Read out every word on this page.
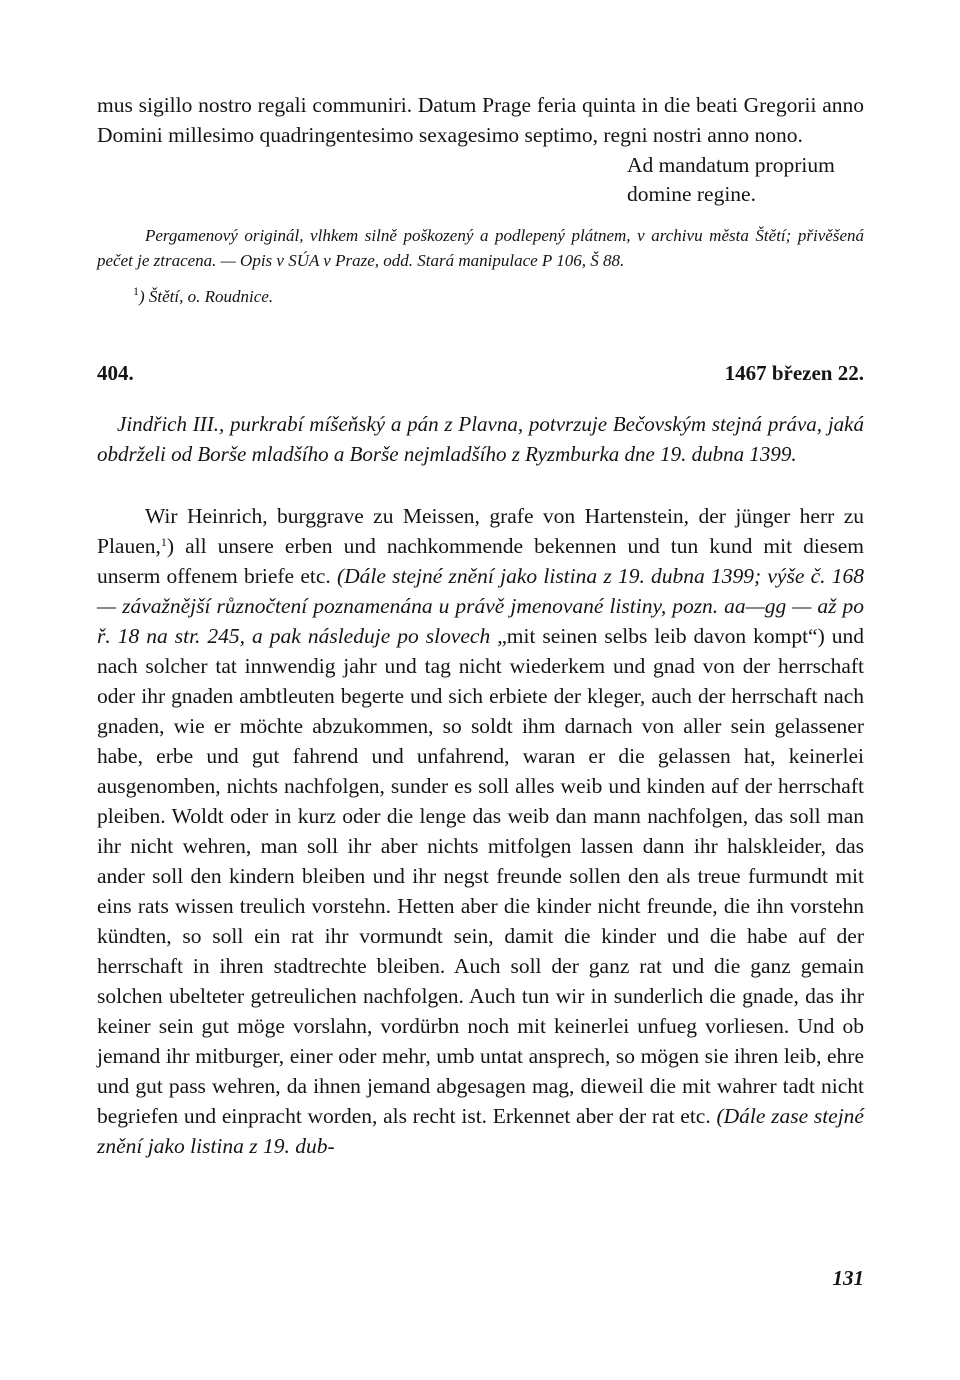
mus sigillo nostro regali communiri. Datum Prage feria quinta in die beati Gregorii anno Domini millesimo quadringentesimo sexagesimo septimo, regni nostri anno nono.

Ad mandatum proprium
domine regine.

Pergamenový originál, vlhkem silně poškozený a podlepený plátnem, v archivu města Štětí; přivěšená pečet je ztracena. — Opis v SÚA v Praze, odd. Stará manipulace P 106, Š 88.

$^1$) Štětí, o. Roudnice.
404.	1467 březen 22.

Jindřich III., purkrabí míšeňský a pán z Plavna, potvrzuje Bečovským stejná práva, jaká obdrželi od Borše mladšího a Borše nejmladšího z Ryzmburka dne 19. dubna 1399.

Wir Heinrich, burggrave zu Meissen, grafe von Hartenstein, der jünger herr zu Plauen,$^1$) all unsere erben und nachkommende bekennen und tun kund mit diesem unserm offenem briefe etc. (Dále stejné znění jako listina z 19. dubna 1399; výše č. 168 — závažnější různočtení poznamenána u právě jmenované listiny, pozn. aa—gg — až po ř. 18 na str. 245, a pak následuje po slovech „mit seinen selbs leib davon kompt“) und nach solcher tat innwendig jahr und tag nicht wiederkem und gnad von der herrschaft oder ihr gnaden ambtleuten begerte und sich erbiete der kleger, auch der herrschaft nach gnaden, wie er möchte abzukommen, so soldt ihm darnach von aller sein gelassener habe, erbe und gut fahrend und unfahrend, waran er die gelassen hat, keinerlei ausgenomben, nichts nachfolgen, sunder es soll alles weib und kinden auf der herrschaft pleiben. Woldt oder in kurz oder die lenge das weib dan mann nachfolgen, das soll man ihr nicht wehren, man soll ihr aber nichts mitfolgen lassen dann ihr halskleider, das ander soll den kindern bleiben und ihr negst freunde sollen den als treue furmundt mit eins rats wissen treulich vorstehn. Hetten aber die kinder nicht freunde, die ihn vorstehn kündten, so soll ein rat ihr vormundt sein, damit die kinder und die habe auf der herrschaft in ihren stadtrechte bleiben. Auch soll der ganz rat und die ganz gemain solchen ubelteter getreulichen nachfolgen. Auch tun wir in sunderlich die gnade, das ihr keiner sein gut möge vorslahn, vordürbn noch mit keinerlei unfueg vorliesen. Und ob jemand ihr mitburger, einer oder mehr, umb untat ansprech, so mögen sie ihren leib, ehre und gut pass wehren, da ihnen jemand abgesagen mag, dieweil die mit wahrer tadt nicht begriefen und einpracht worden, als recht ist. Erkennet aber der rat etc. (Dále zase stejné znění jako listina z 19. dub-

131
